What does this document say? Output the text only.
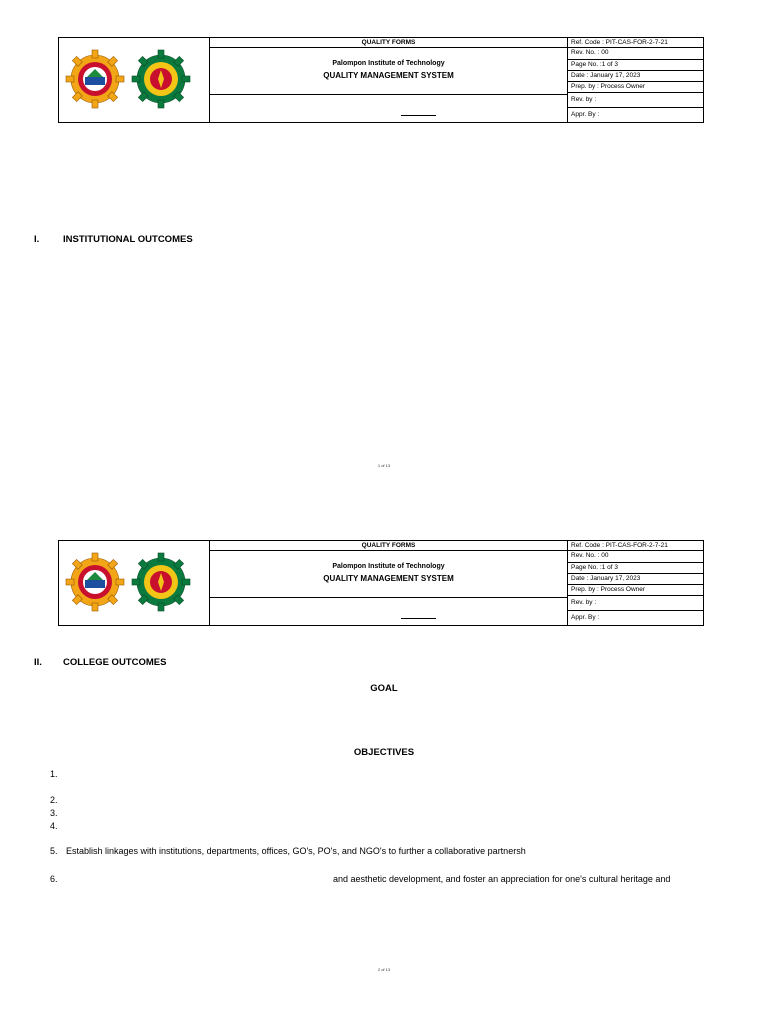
QUALITY FORMS
Palompon Institute of Technology
QUALITY MANAGEMENT SYSTEM
Ref. Code : PIT-CAS-FOR-2-7-21
Rev. No. : 00
Page No. :1 of 3
Date : January 17, 2023
Prep. by : Process Owner
Rev. by :
Appr. By :
I. INSTITUTIONAL OUTCOMES
1 of 13
QUALITY FORMS
Palompon Institute of Technology
QUALITY MANAGEMENT SYSTEM
Ref. Code : PIT-CAS-FOR-2-7-21
Rev. No. : 00
Page No. :1 of 3
Date : January 17, 2023
Prep. by : Process Owner
Rev. by :
Appr. By :
II. COLLEGE OUTCOMES
GOAL
OBJECTIVES
1.
2.
3.
4.
5. Establish linkages with institutions, departments, offices, GO's, PO's, and NGO's to further a collaborative partnersh
6.	and aesthetic development, and foster an appreciation for one's cultural heritage and
2 of 13
